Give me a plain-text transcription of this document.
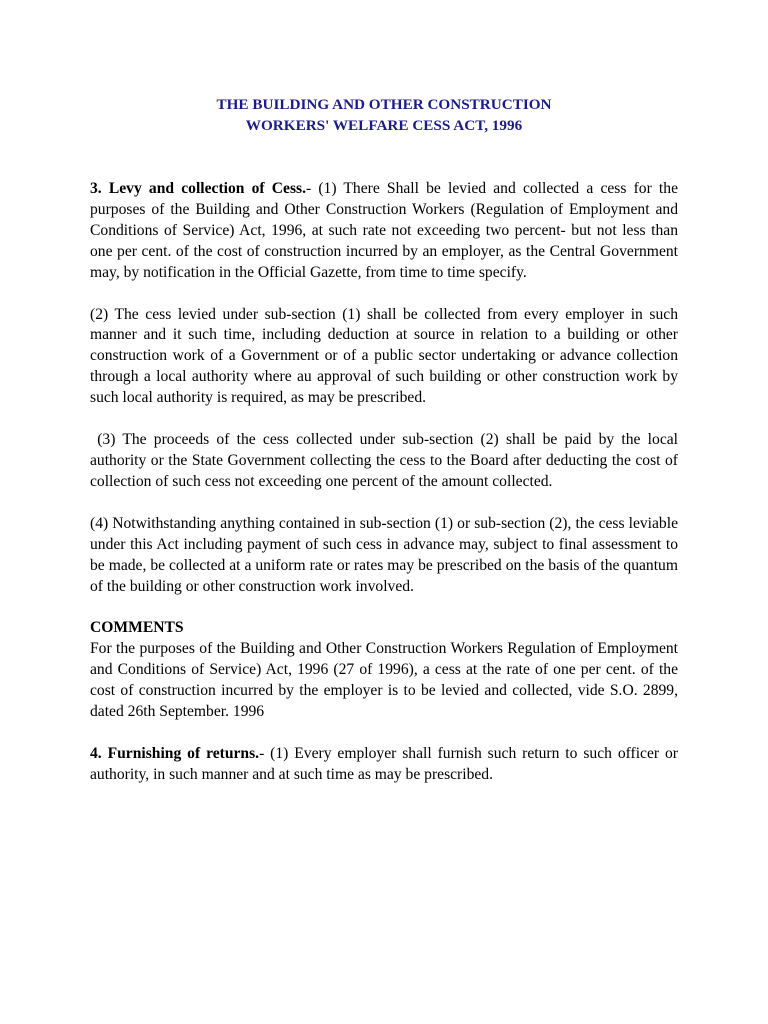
THE BUILDING AND OTHER CONSTRUCTION
WORKERS' WELFARE CESS ACT, 1996

3. Levy and collection of Cess.- (1) There Shall be levied and collected a cess for the purposes of the Building and Other Construction Workers (Regulation of Employment and Conditions of Service) Act, 1996, at such rate not exceeding two percent- but not less than one per cent. of the cost of construction incurred by an employer, as the Central Government may, by notification in the Official Gazette, from time to time specify.

(2) The cess levied under sub-section (1) shall be collected from every employer in such manner and it such time, including deduction at source in relation to a building or other construction work of a Government or of a public sector undertaking or advance collection through a local authority where au approval of such building or other construction work by such local authority is required, as may be prescribed.

(3) The proceeds of the cess collected under sub-section (2) shall be paid by the local authority or the State Government collecting the cess to the Board after deducting the cost of collection of such cess not exceeding one percent of the amount collected.

(4) Notwithstanding anything contained in sub-section (1) or sub-section (2), the cess leviable under this Act including payment of such cess in advance may, subject to final assessment to be made, be collected at a uniform rate or rates may be prescribed on the basis of the quantum of the building or other construction work involved.

COMMENTS

For the purposes of the Building and Other Construction Workers Regulation of Employment and Conditions of Service) Act, 1996 (27 of 1996), a cess at the rate of one per cent. of the cost of construction incurred by the employer is to be levied and collected, vide S.O. 2899, dated 26th September. 1996

4. Furnishing of returns.- (1) Every employer shall furnish such return to such officer or authority, in such manner and at such time as may be prescribed.
